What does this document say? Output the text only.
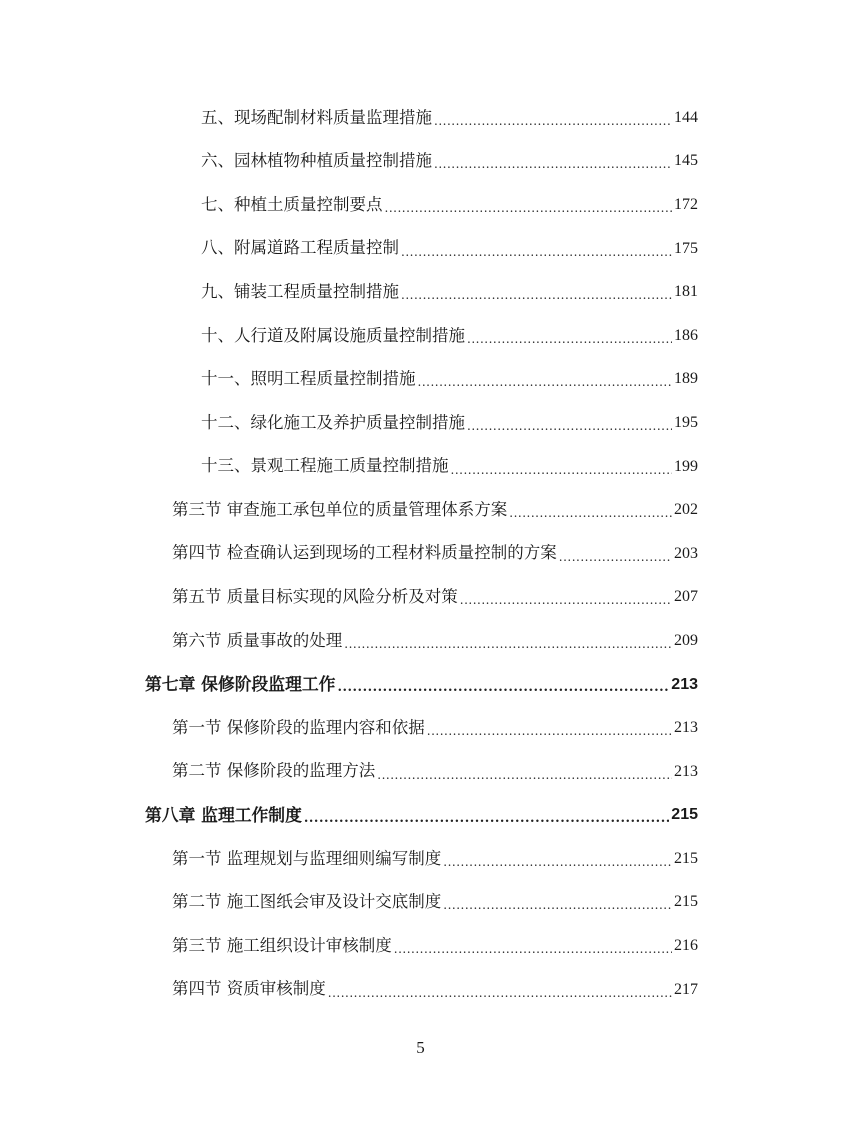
五、现场配制材料质量监理措施 .....	144
六、园林植物种植质量控制措施 .....	145
七、种植土质量控制要点 .....	172
八、附属道路工程质量控制 .....	175
九、铺装工程质量控制措施 .....	181
十、人行道及附属设施质量控制措施 .....	186
十一、照明工程质量控制措施 .....	189
十二、绿化施工及养护质量控制措施 .....	195
十三、景观工程施工质量控制措施 .....	199
第三节 审查施工承包单位的质量管理体系方案 .....	202
第四节 检查确认运到现场的工程材料质量控制的方案 .....	203
第五节 质量目标实现的风险分析及对策 .....	207
第六节 质量事故的处理 .....	209
第七章 保修阶段监理工作 .....	213
第一节 保修阶段的监理内容和依据 .....	213
第二节 保修阶段的监理方法 .....	213
第八章 监理工作制度 .....	215
第一节 监理规划与监理细则编写制度 .....	215
第二节 施工图纸会审及设计交底制度 .....	215
第三节 施工组织设计审核制度 .....	216
第四节 资质审核制度 .....	217
5
